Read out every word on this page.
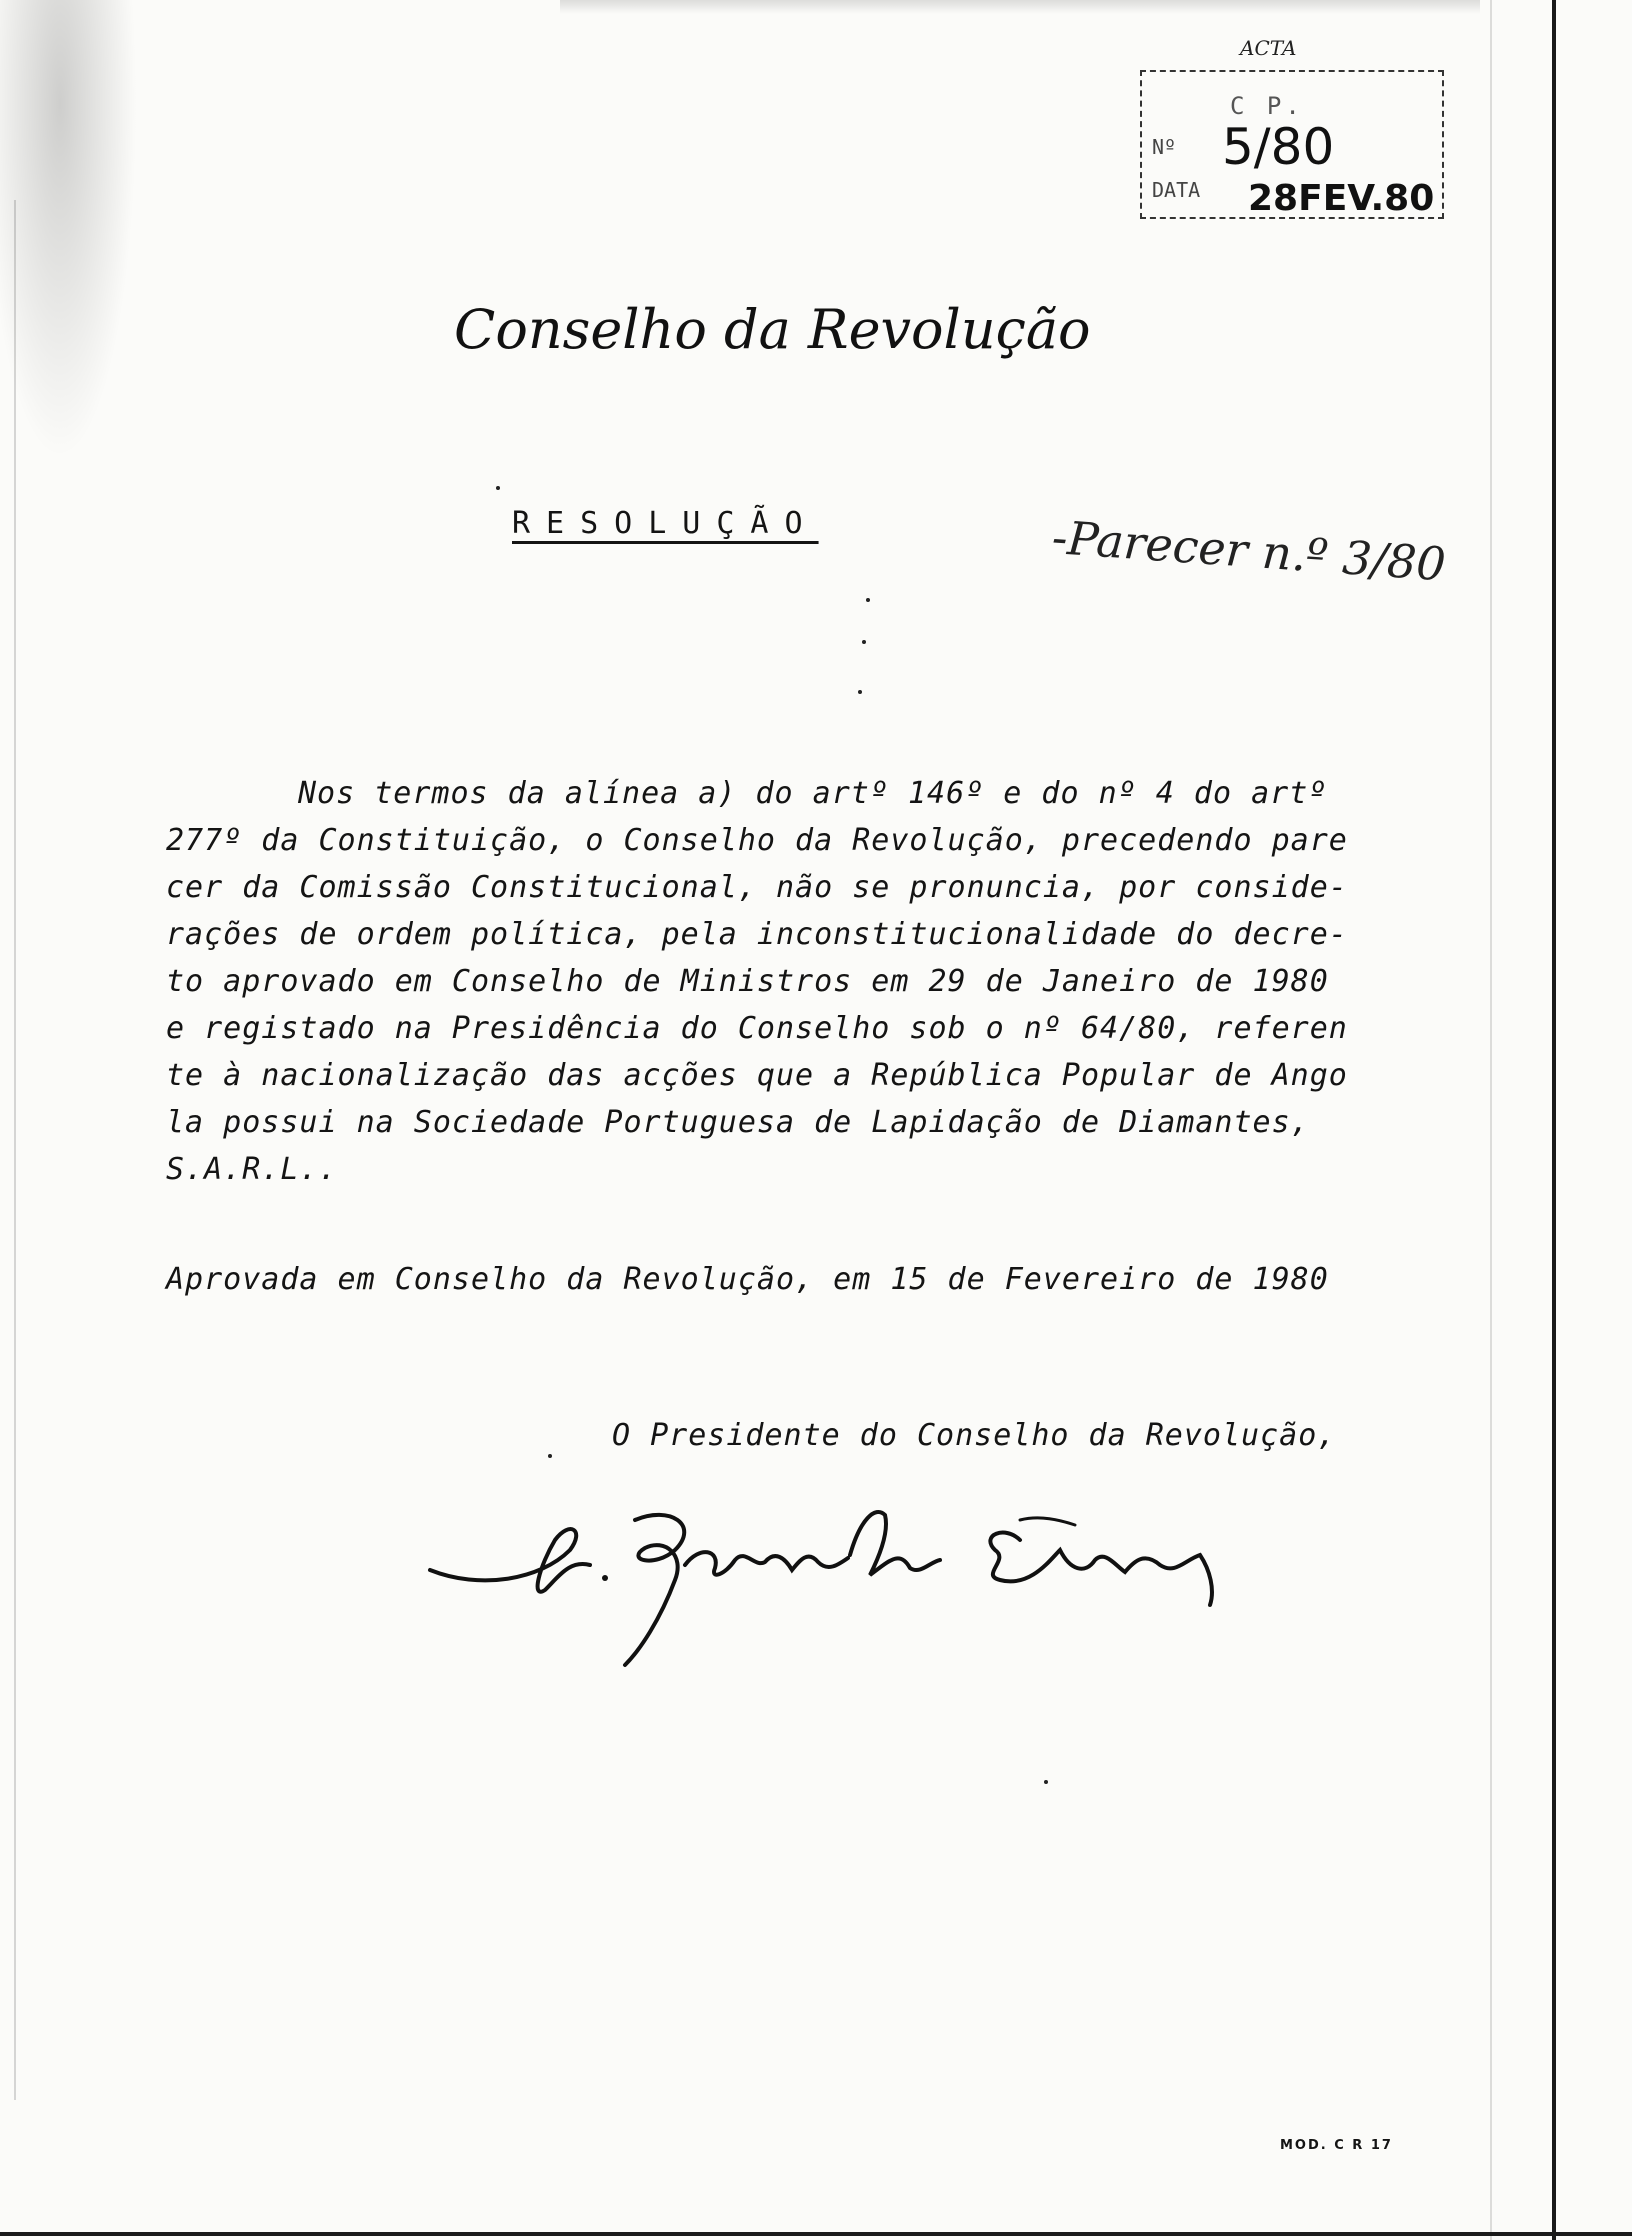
ACTA
C P.
Nº 5/80
DATA 28FEV.80
Conselho da Revolução
RESOLUÇÃO	-Parecer n.º 3/80
Nos termos da alínea a) do artº 146º e do nº 4 do artº
277º da Constituição, o Conselho da Revolução, precedendo pare
cer da Comissão Constitucional, não se pronuncia, por conside-
rações de ordem política, pela inconstitucionalidade do decre-
to aprovado em Conselho de Ministros em 29 de Janeiro de 1980
e registado na Presidência do Conselho sob o nº 64/80, referen
te à nacionalização das acções que a República Popular de Ango
la possui na Sociedade Portuguesa de Lapidação de Diamantes,
S.A.R.L..
Aprovada em Conselho da Revolução, em 15 de Fevereiro de 1980
O Presidente do Conselho da Revolução,
MOD. C R 17
